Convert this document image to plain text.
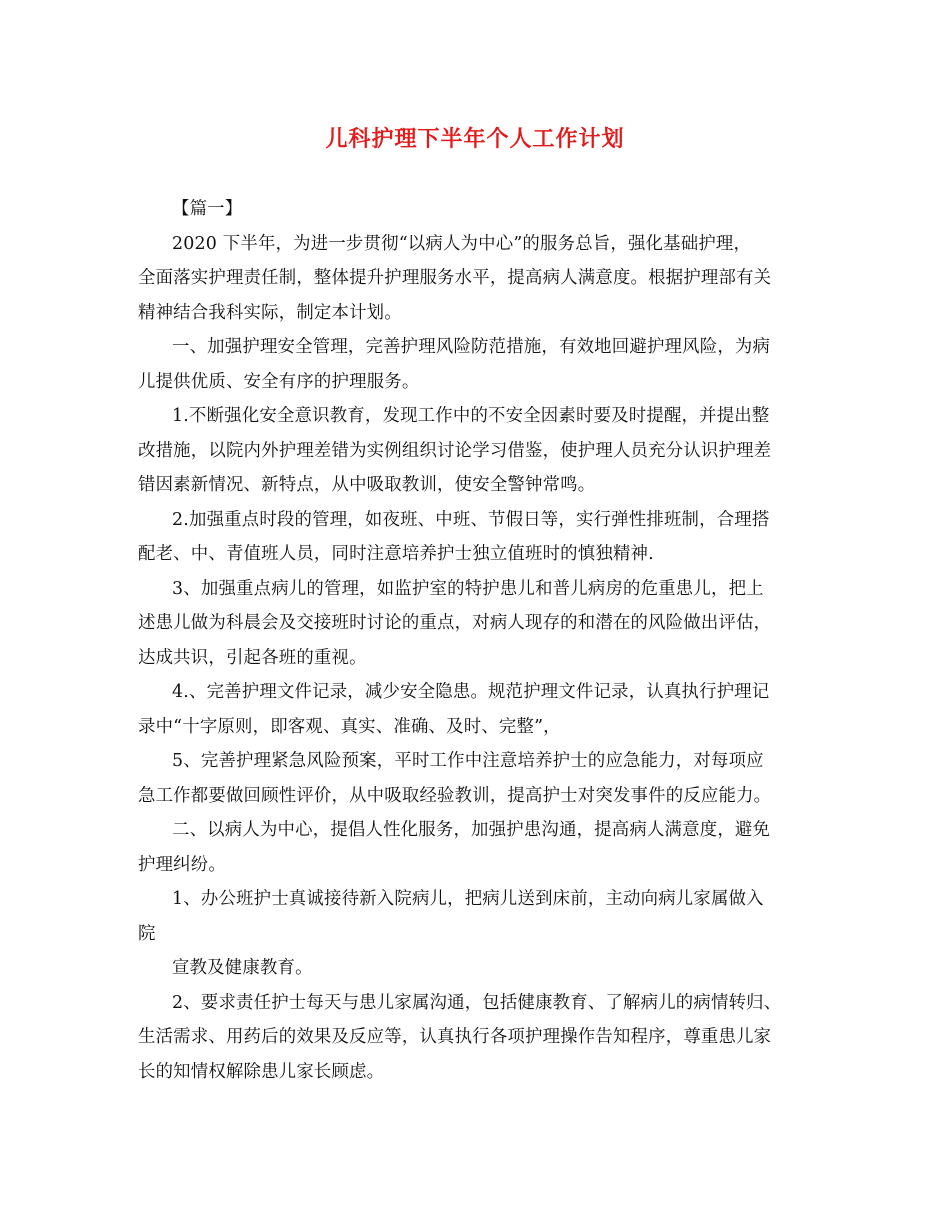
儿科护理下半年个人工作计划
【篇一】
2020 下半年，为进一步贯彻“以病人为中心”的服务总旨，强化基础护理，
全面落实护理责任制，整体提升护理服务水平，提高病人满意度。根据护理部有关
精神结合我科实际，制定本计划。
一、加强护理安全管理，完善护理风险防范措施，有效地回避护理风险，为病
儿提供优质、安全有序的护理服务。
1.不断强化安全意识教育，发现工作中的不安全因素时要及时提醒，并提出整
改措施，以院内外护理差错为实例组织讨论学习借鉴，使护理人员充分认识护理差
错因素新情况、新特点，从中吸取教训，使安全警钟常鸣。
2.加强重点时段的管理，如夜班、中班、节假日等，实行弹性排班制，合理搭
配老、中、青值班人员，同时注意培养护士独立值班时的慎独精神.
3、加强重点病儿的管理，如监护室的特护患儿和普儿病房的危重患儿，把上
述患儿做为科晨会及交接班时讨论的重点，对病人现存的和潜在的风险做出评估，
达成共识，引起各班的重视。
4.、完善护理文件记录，减少安全隐患。规范护理文件记录，认真执行护理记
录中“十字原则，即客观、真实、准确、及时、完整”，
5、完善护理紧急风险预案，平时工作中注意培养护士的应急能力，对每项应
急工作都要做回顾性评价，从中吸取经验教训，提高护士对突发事件的反应能力。
二、以病人为中心，提倡人性化服务，加强护患沟通，提高病人满意度，避免
护理纠纷。
1、办公班护士真诚接待新入院病儿，把病儿送到床前，主动向病儿家属做入
院
宣教及健康教育。
2、要求责任护士每天与患儿家属沟通，包括健康教育、了解病儿的病情转归、
生活需求、用药后的效果及反应等，认真执行各项护理操作告知程序，尊重患儿家
长的知情权解除患儿家长顾虑。
